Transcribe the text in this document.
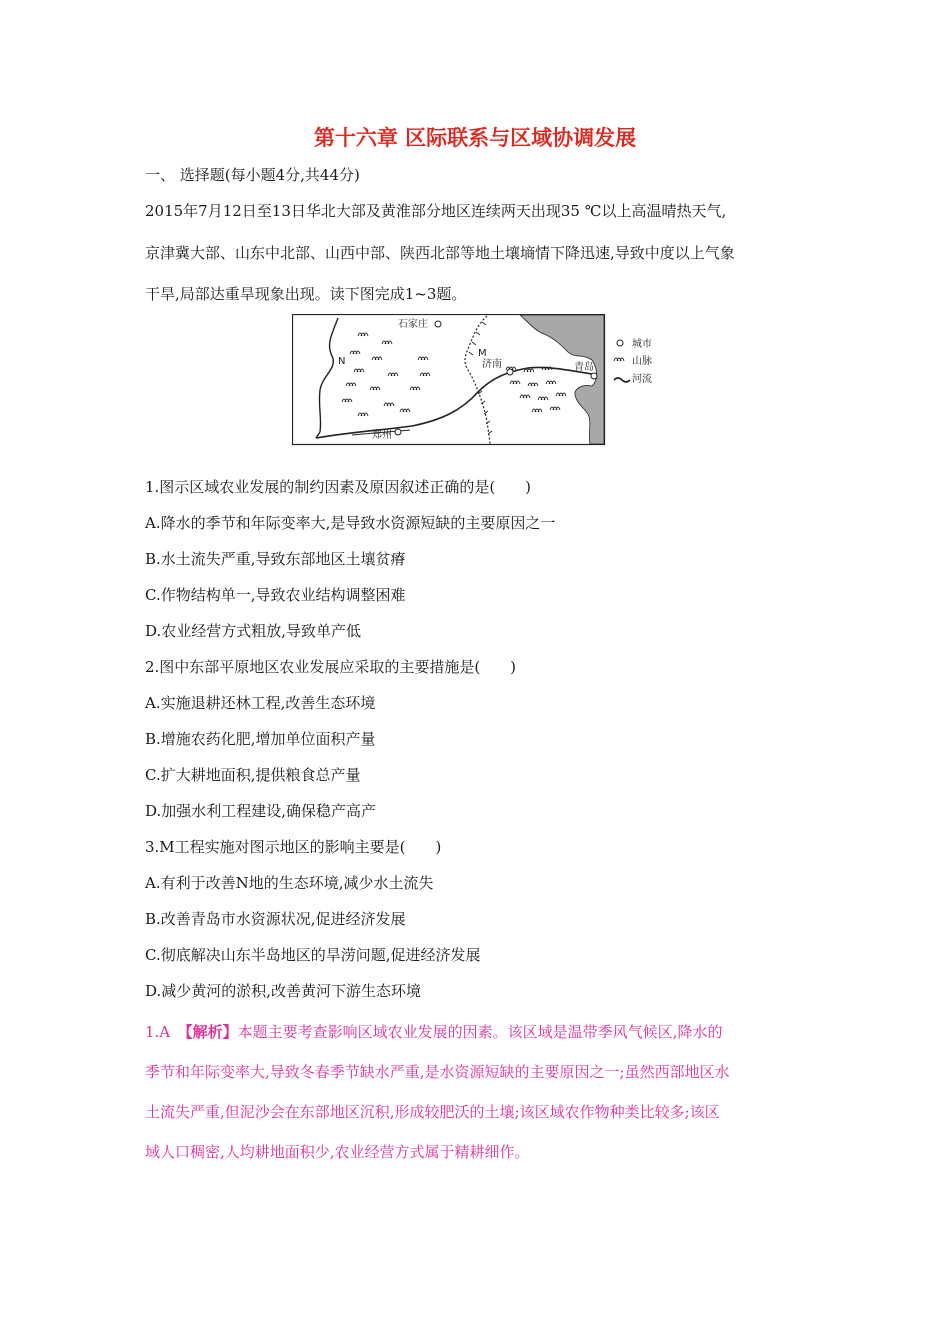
第十六章 区际联系与区域协调发展
一、 选择题(每小题4分,共44分)
2015年7月12日至13日华北大部及黄淮部分地区连续两天出现35 ℃以上高温晴热天气,
京津冀大部、山东中北部、山西中部、陕西北部等地土壤墒情下降迅速,导致中度以上气象
干旱,局部达重旱现象出现。读下图完成1~3题。
石家庄
济南	青岛
郑州
N
M
城市
山脉
河流
1.图示区域农业发展的制约因素及原因叙述正确的是(　　)
A.降水的季节和年际变率大,是导致水资源短缺的主要原因之一
B.水土流失严重,导致东部地区土壤贫瘠
C.作物结构单一,导致农业结构调整困难
D.农业经营方式粗放,导致单产低
2.图中东部平原地区农业发展应采取的主要措施是(　　)
A.实施退耕还林工程,改善生态环境
B.增施农药化肥,增加单位面积产量
C.扩大耕地面积,提供粮食总产量
D.加强水利工程建设,确保稳产高产
3.M工程实施对图示地区的影响主要是(　　)
A.有利于改善N地的生态环境,减少水土流失
B.改善青岛市水资源状况,促进经济发展
C.彻底解决山东半岛地区的旱涝问题,促进经济发展
D.减少黄河的淤积,改善黄河下游生态环境
1.A　【解析】本题主要考查影响区域农业发展的因素。该区域是温带季风气候区,降水的
季节和年际变率大,导致冬春季节缺水严重,是水资源短缺的主要原因之一;虽然西部地区水
土流失严重,但泥沙会在东部地区沉积,形成较肥沃的土壤;该区域农作物种类比较多;该区
域人口稠密,人均耕地面积少,农业经营方式属于精耕细作。
